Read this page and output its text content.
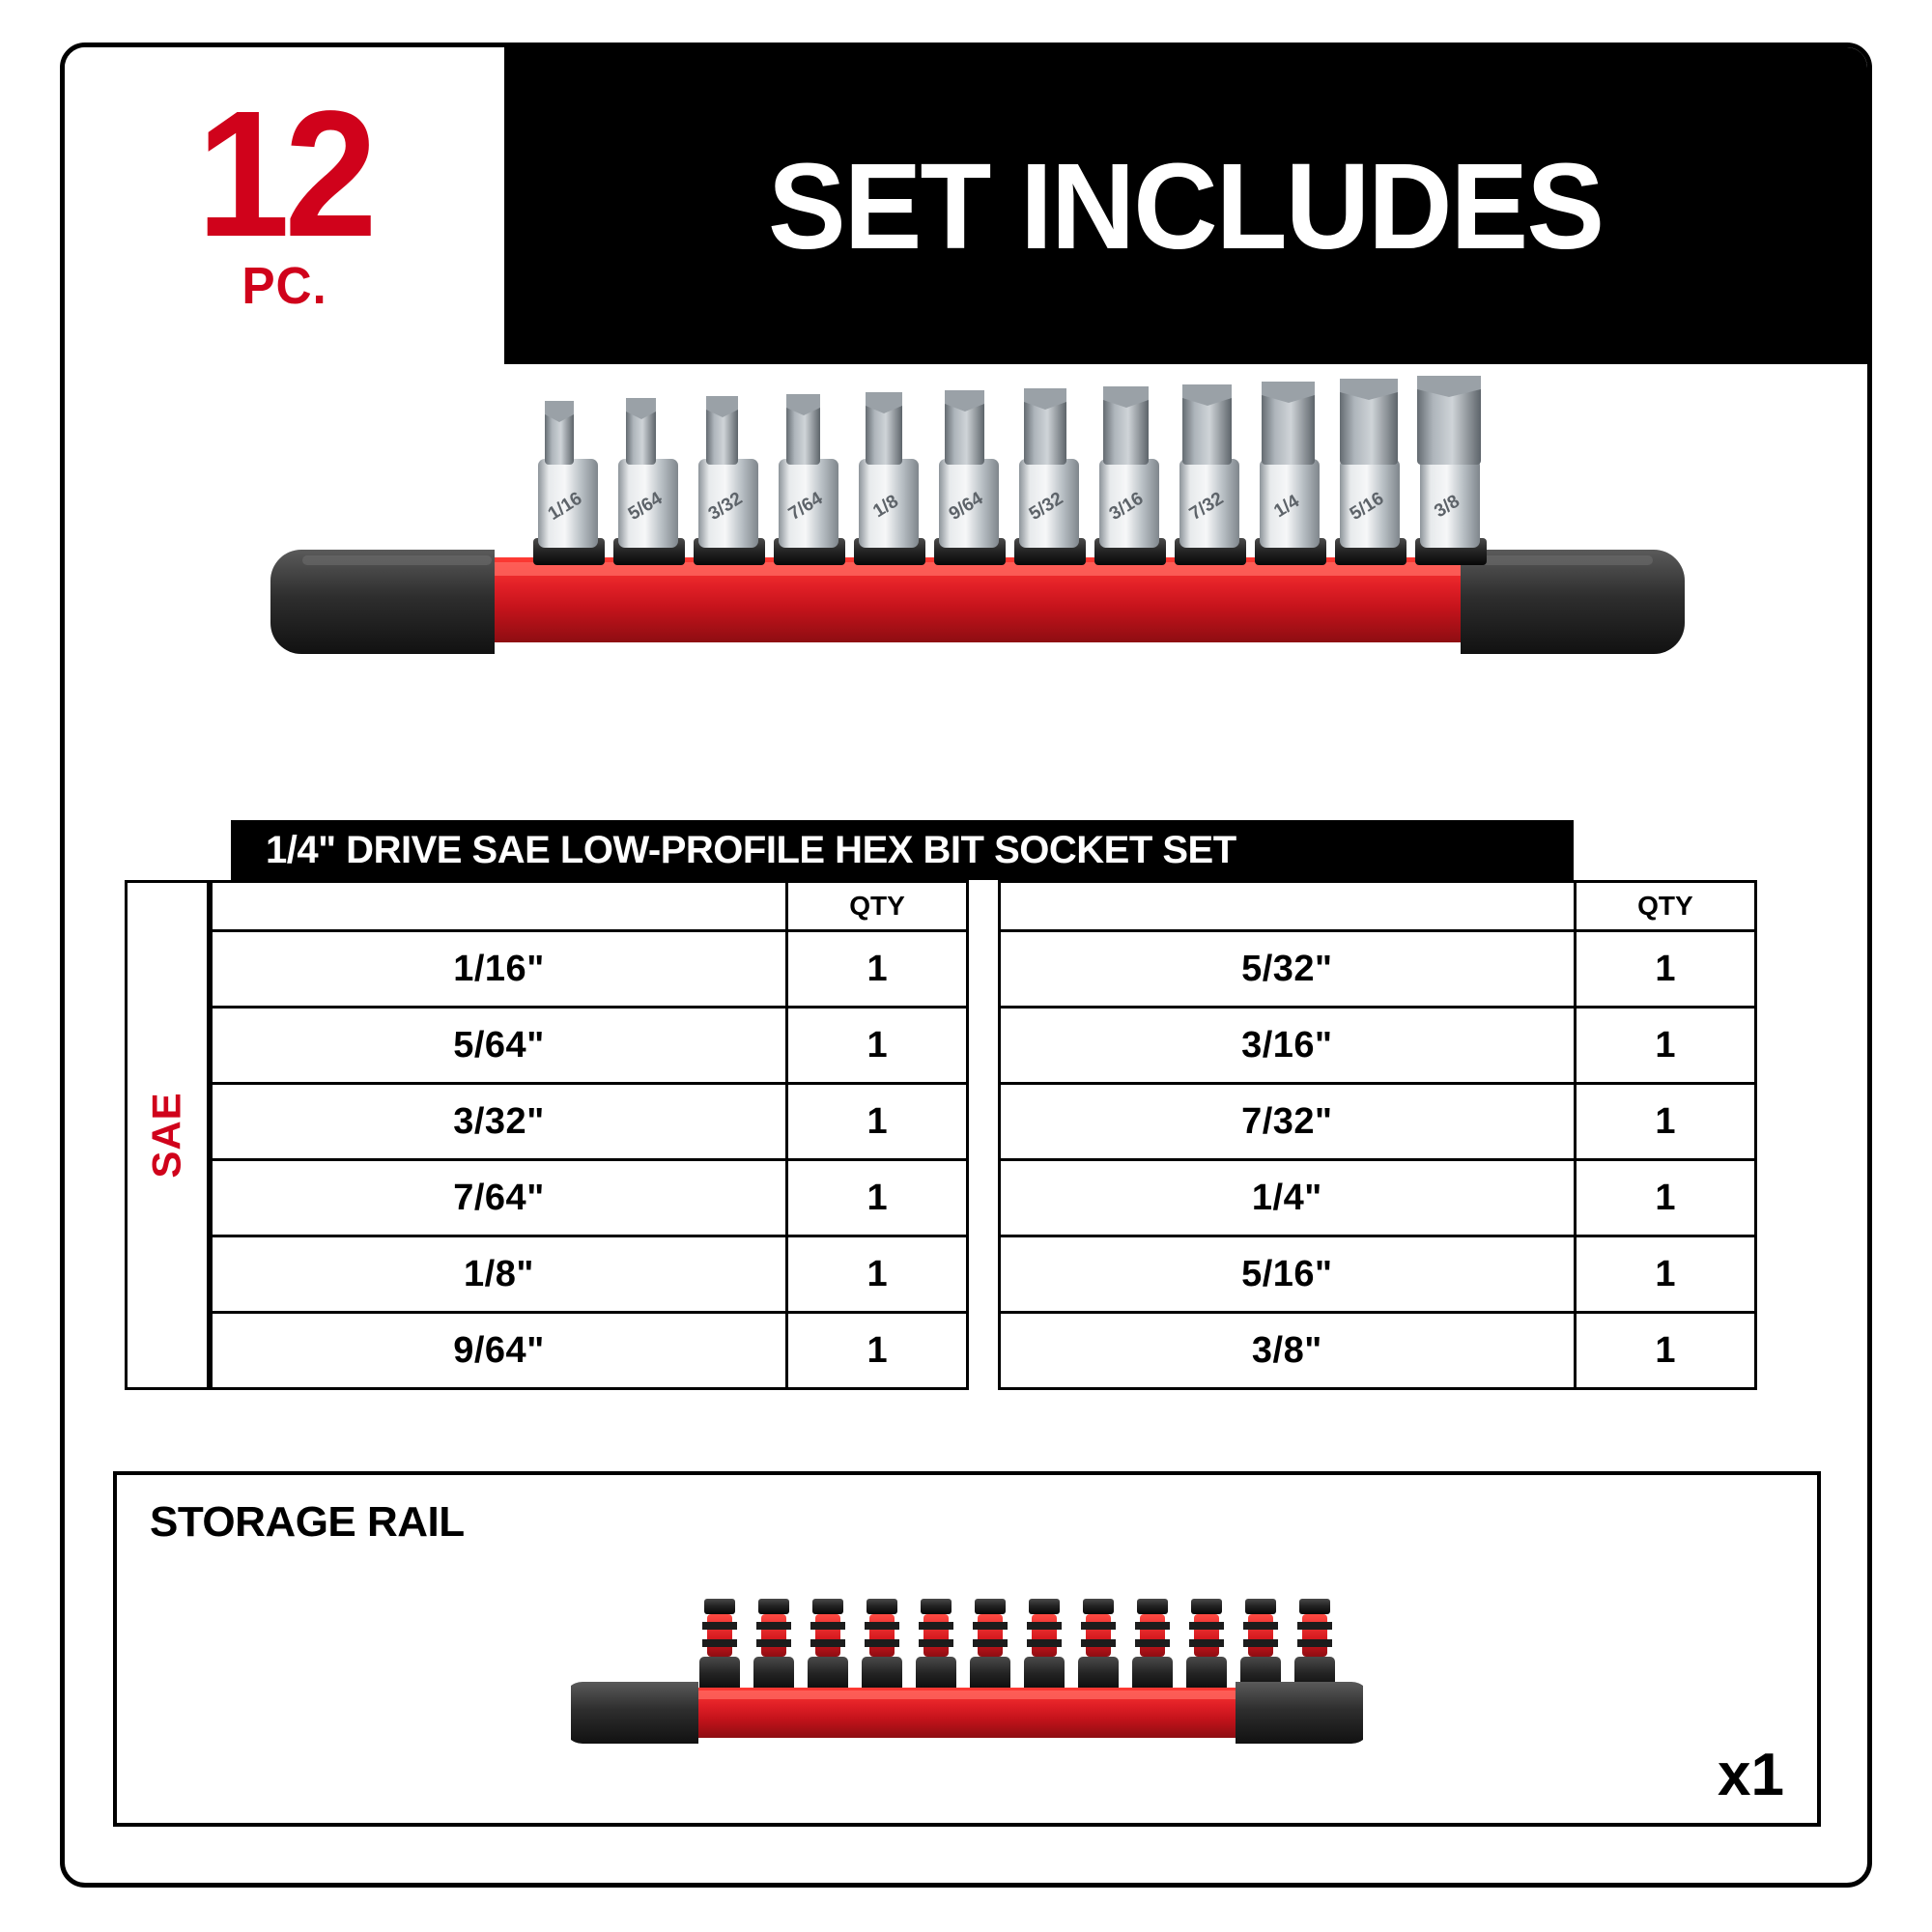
12
PC.
SET INCLUDES
1/16 5/64 3/32 7/64 1/8 9/64 5/32 3/16 7/32 1/4 5/16 3/8
1/4" DRIVE SAE LOW-PROFILE HEX BIT SOCKET SET
SAE
	QTY
1/16"	1
5/64"	1
3/32"	1
7/64"	1
1/8"	1
9/64"	1
	QTY
5/32"	1
3/16"	1
7/32"	1
1/4"	1
5/16"	1
3/8"	1
STORAGE RAIL
x1
